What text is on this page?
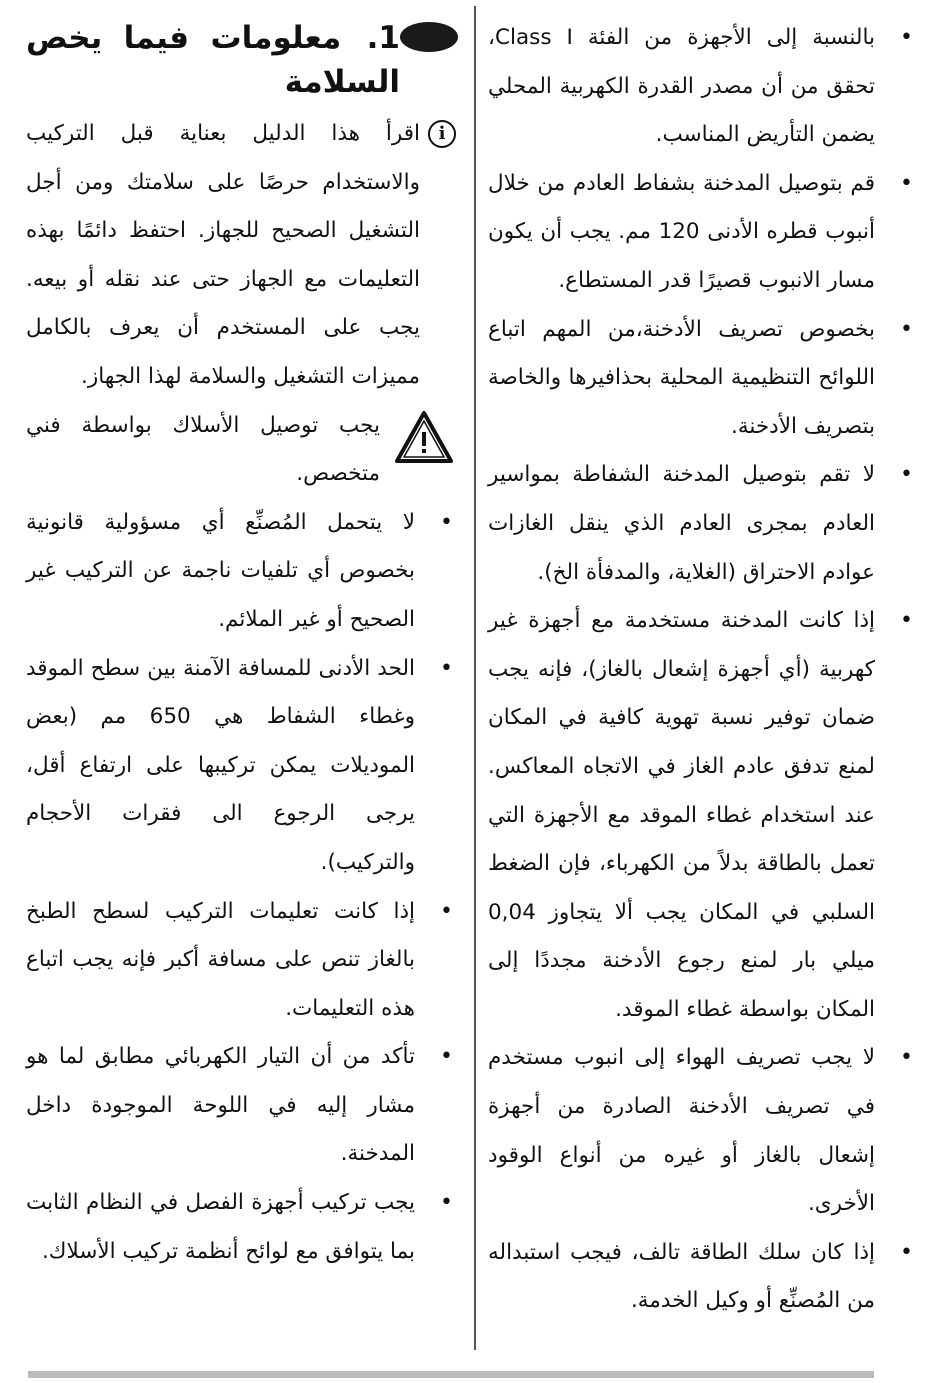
1. معلومات فيما يخص السلامة
i

اقرأ هذا الدليل بعناية قبل التركيب والاستخدام حرصًا على سلامتك ومن أجل التشغيل الصحيح للجهاز. احتفظ دائمًا بهذه التعليمات مع الجهاز حتى عند نقله أو بيعه. يجب على المستخدم أن يعرف بالكامل مميزات التشغيل والسلامة لهذا الجهاز.

يجب توصيل الأسلاك بواسطة فني متخصص.

•
لا يتحمل المُصنِّع أي مسؤولية قانونية بخصوص أي تلفيات ناجمة عن التركيب غير الصحيح أو غير الملائم.
•
الحد الأدنى للمسافة الآمنة بين سطح الموقد وغطاء الشفاط هي 650 مم (بعض الموديلات يمكن تركيبها على ارتفاع أقل، يرجى الرجوع الى فقرات الأحجام والتركيب).
•
إذا كانت تعليمات التركيب لسطح الطبخ بالغاز تنص على مسافة أكبر فإنه يجب اتباع هذه التعليمات.
•
تأكد من أن التيار الكهربائي مطابق لما هو مشار إليه في اللوحة الموجودة داخل المدخنة.
•
يجب تركيب أجهزة الفصل في النظام الثابت بما يتوافق مع لوائح أنظمة تركيب الأسلاك.
•
بالنسبة إلى الأجهزة من الفئة Class I، تحقق من أن مصدر القدرة الكهربية المحلي يضمن التأريض المناسب.
•
قم بتوصيل المدخنة بشفاط العادم من خلال أنبوب قطره الأدنى 120 مم. يجب أن يكون مسار الانبوب قصيرًا قدر المستطاع.
•
بخصوص تصريف الأدخنة،من المهم اتباع اللوائح التنظيمية المحلية بحذافيرها والخاصة بتصريف الأدخنة.
•
لا تقم بتوصيل المدخنة الشفاطة بمواسير العادم بمجرى العادم الذي ينقل الغازات عوادم الاحتراق (الغلاية، والمدفأة الخ).
•
إذا كانت المدخنة مستخدمة مع أجهزة غير كهربية (أي أجهزة إشعال بالغاز)، فإنه يجب ضمان توفير نسبة تهوية كافية في المكان لمنع تدفق عادم الغاز في الاتجاه المعاكس. عند استخدام غطاء الموقد مع الأجهزة التي تعمل بالطاقة بدلاً من الكهرباء، فإن الضغط السلبي في المكان يجب ألا يتجاوز 0,04 ميلي بار لمنع رجوع الأدخنة مجددًا إلى المكان بواسطة غطاء الموقد.
•
لا يجب تصريف الهواء إلى انبوب مستخدم في تصريف الأدخنة الصادرة من أجهزة إشعال بالغاز أو غيره من أنواع الوقود الأخرى.
•
إذا كان سلك الطاقة تالف، فيجب استبداله من المُصنِّع أو وكيل الخدمة.
